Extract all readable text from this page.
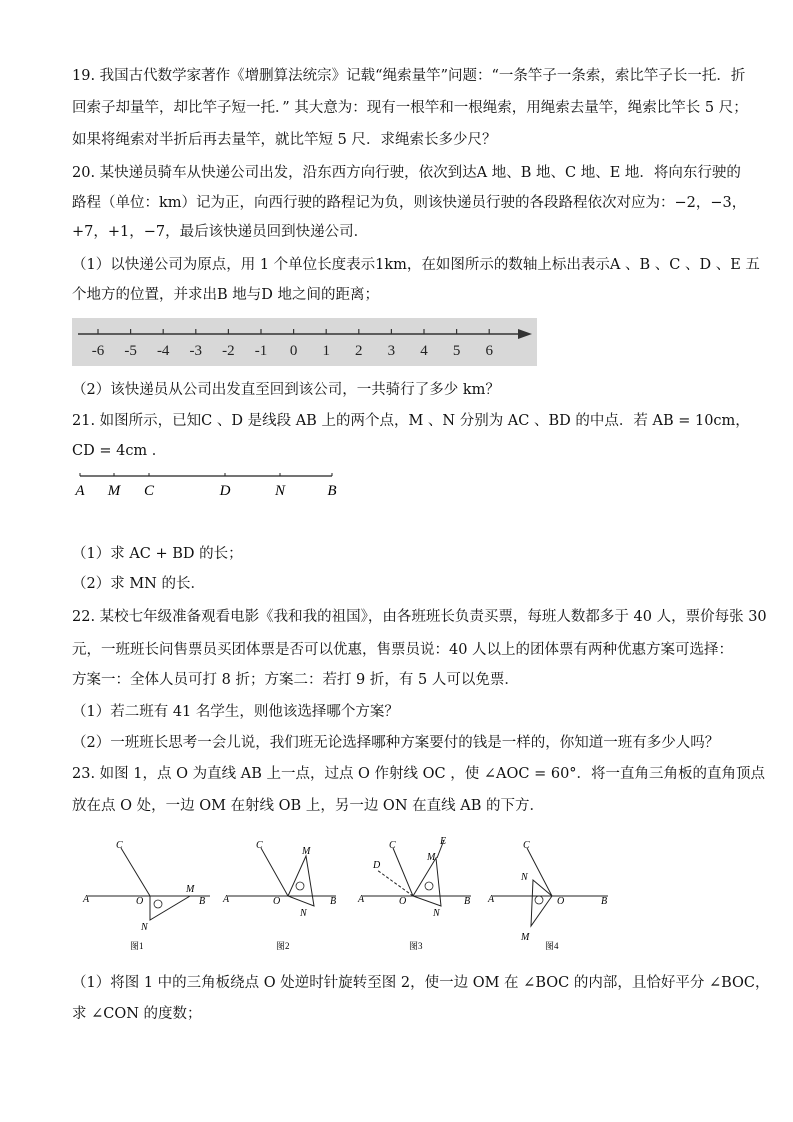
19. 我国古代数学家著作《增删算法统宗》记载“绳索量竿”问题：“一条竿子一条索，索比竿子长一托．折
回索子却量竿，却比竿子短一托．” 其大意为：现有一根竿和一根绳索，用绳索去量竿，绳索比竿长 5 尺；
如果将绳索对半折后再去量竿，就比竿短 5 尺．求绳索长多少尺？
20. 某快递员骑车从快递公司出发，沿东西方向行驶，依次到达A 地、B 地、C 地、E 地．将向东行驶的
路程（单位：km）记为正，向西行驶的路程记为负，则该快递员行驶的各段路程依次对应为：−2，−3，
+7，+1，−7，最后该快递员回到快递公司．
（1）以快递公司为原点，用 1 个单位长度表示1km，在如图所示的数轴上标出表示A 、B 、C 、D 、E 五
个地方的位置，并求出B 地与D 地之间的距离；
-6 -5 -4 -3 -2 -1 0 1 2 3 4 5 6
（2）该快递员从公司出发直至回到该公司，一共骑行了多少 km？
21. 如图所示，已知C 、D 是线段 AB 上的两个点，M 、N 分别为 AC 、BD 的中点．若 AB = 10cm，
CD = 4cm ．
A M C	D	N	B
（1）求 AC + BD 的长；
（2）求 MN 的长．
22. 某校七年级准备观看电影《我和我的祖国》，由各班班长负责买票，每班人数都多于 40 人，票价每张 30
元，一班班长问售票员买团体票是否可以优惠，售票员说：40 人以上的团体票有两种优惠方案可选择：
方案一：全体人员可打 8 折；方案二：若打 9 折，有 5 人可以免票．
（1）若二班有 41 名学生，则他该选择哪个方案？
（2）一班班长思考一会儿说，我们班无论选择哪种方案要付的钱是一样的，你知道一班有多少人吗？
23. 如图 1，点 O 为直线 AB 上一点，过点 O 作射线 OC ，使 ∠AOC = 60°．将一直角三角板的直角顶点
放在点 O 处，一边 OM 在射线 OB 上，另一边 ON 在直线 AB 的下方．
A	B
C
O
M
N
图1
A	B
C
O
M
N
图2
A	B
C
D
E
O
M
N
图3
A	B
C
O
N
M
图4
（1）将图 1 中的三角板绕点 O 处逆时针旋转至图 2，使一边 OM 在 ∠BOC 的内部，且恰好平分 ∠BOC，
求 ∠CON 的度数；
